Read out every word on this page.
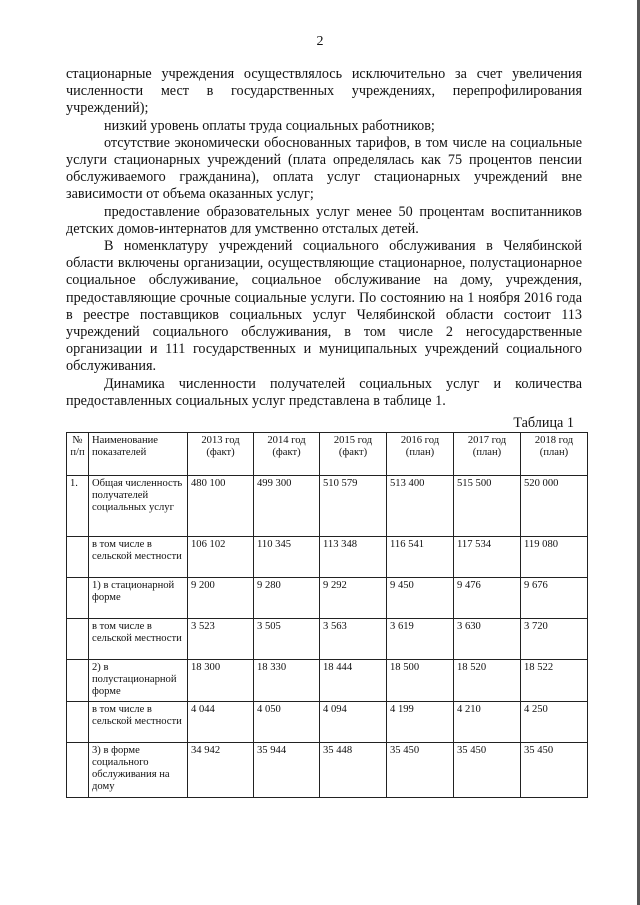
2

стационарные учреждения осуществлялось исключительно за счет увеличения численности мест в государственных учреждениях, перепрофилирования учреждений);

низкий уровень оплаты труда социальных работников;

отсутствие экономически обоснованных тарифов, в том числе на социальные услуги стационарных учреждений (плата определялась как 75 процентов пенсии обслуживаемого гражданина), оплата услуг стационарных учреждений вне зависимости от объема оказанных услуг;

предоставление образовательных услуг менее 50 процентам воспитанников детских домов-интернатов для умственно отсталых детей.

В номенклатуру учреждений социального обслуживания в Челябинской области включены организации, осуществляющие стационарное, полустационарное социальное обслуживание, социальное обслуживание на дому, учреждения, предоставляющие срочные социальные услуги. По состоянию на 1 ноября 2016 года в реестре поставщиков социальных услуг Челябинской области состоит 113 учреждений социального обслуживания, в том числе 2 негосударственные организации и 111 государственных и муниципальных учреждений социального обслуживания.

Динамика численности получателей социальных услуг и количества предоставленных социальных услуг представлена в таблице 1.

Таблица 1
№ п/п	Наименование показателей	2013 год (факт)	2014 год (факт)	2015 год (факт)	2016 год (план)	2017 год (план)	2018 год (план)
1.	Общая численность получателей социальных услуг	480 100	499 300	510 579	513 400	515 500	520 000
	в том числе в сельской местности	106 102	110 345	113 348	116 541	117 534	119 080
	1) в стационарной форме	9 200	9 280	9 292	9 450	9 476	9 676
	в том числе в сельской местности	3 523	3 505	3 563	3 619	3 630	3 720
	2) в полустационарной форме	18 300	18 330	18 444	18 500	18 520	18 522
	в том числе в сельской местности	4 044	4 050	4 094	4 199	4 210	4 250
	3) в форме социального обслуживания на дому	34 942	35 944	35 448	35 450	35 450	35 450
